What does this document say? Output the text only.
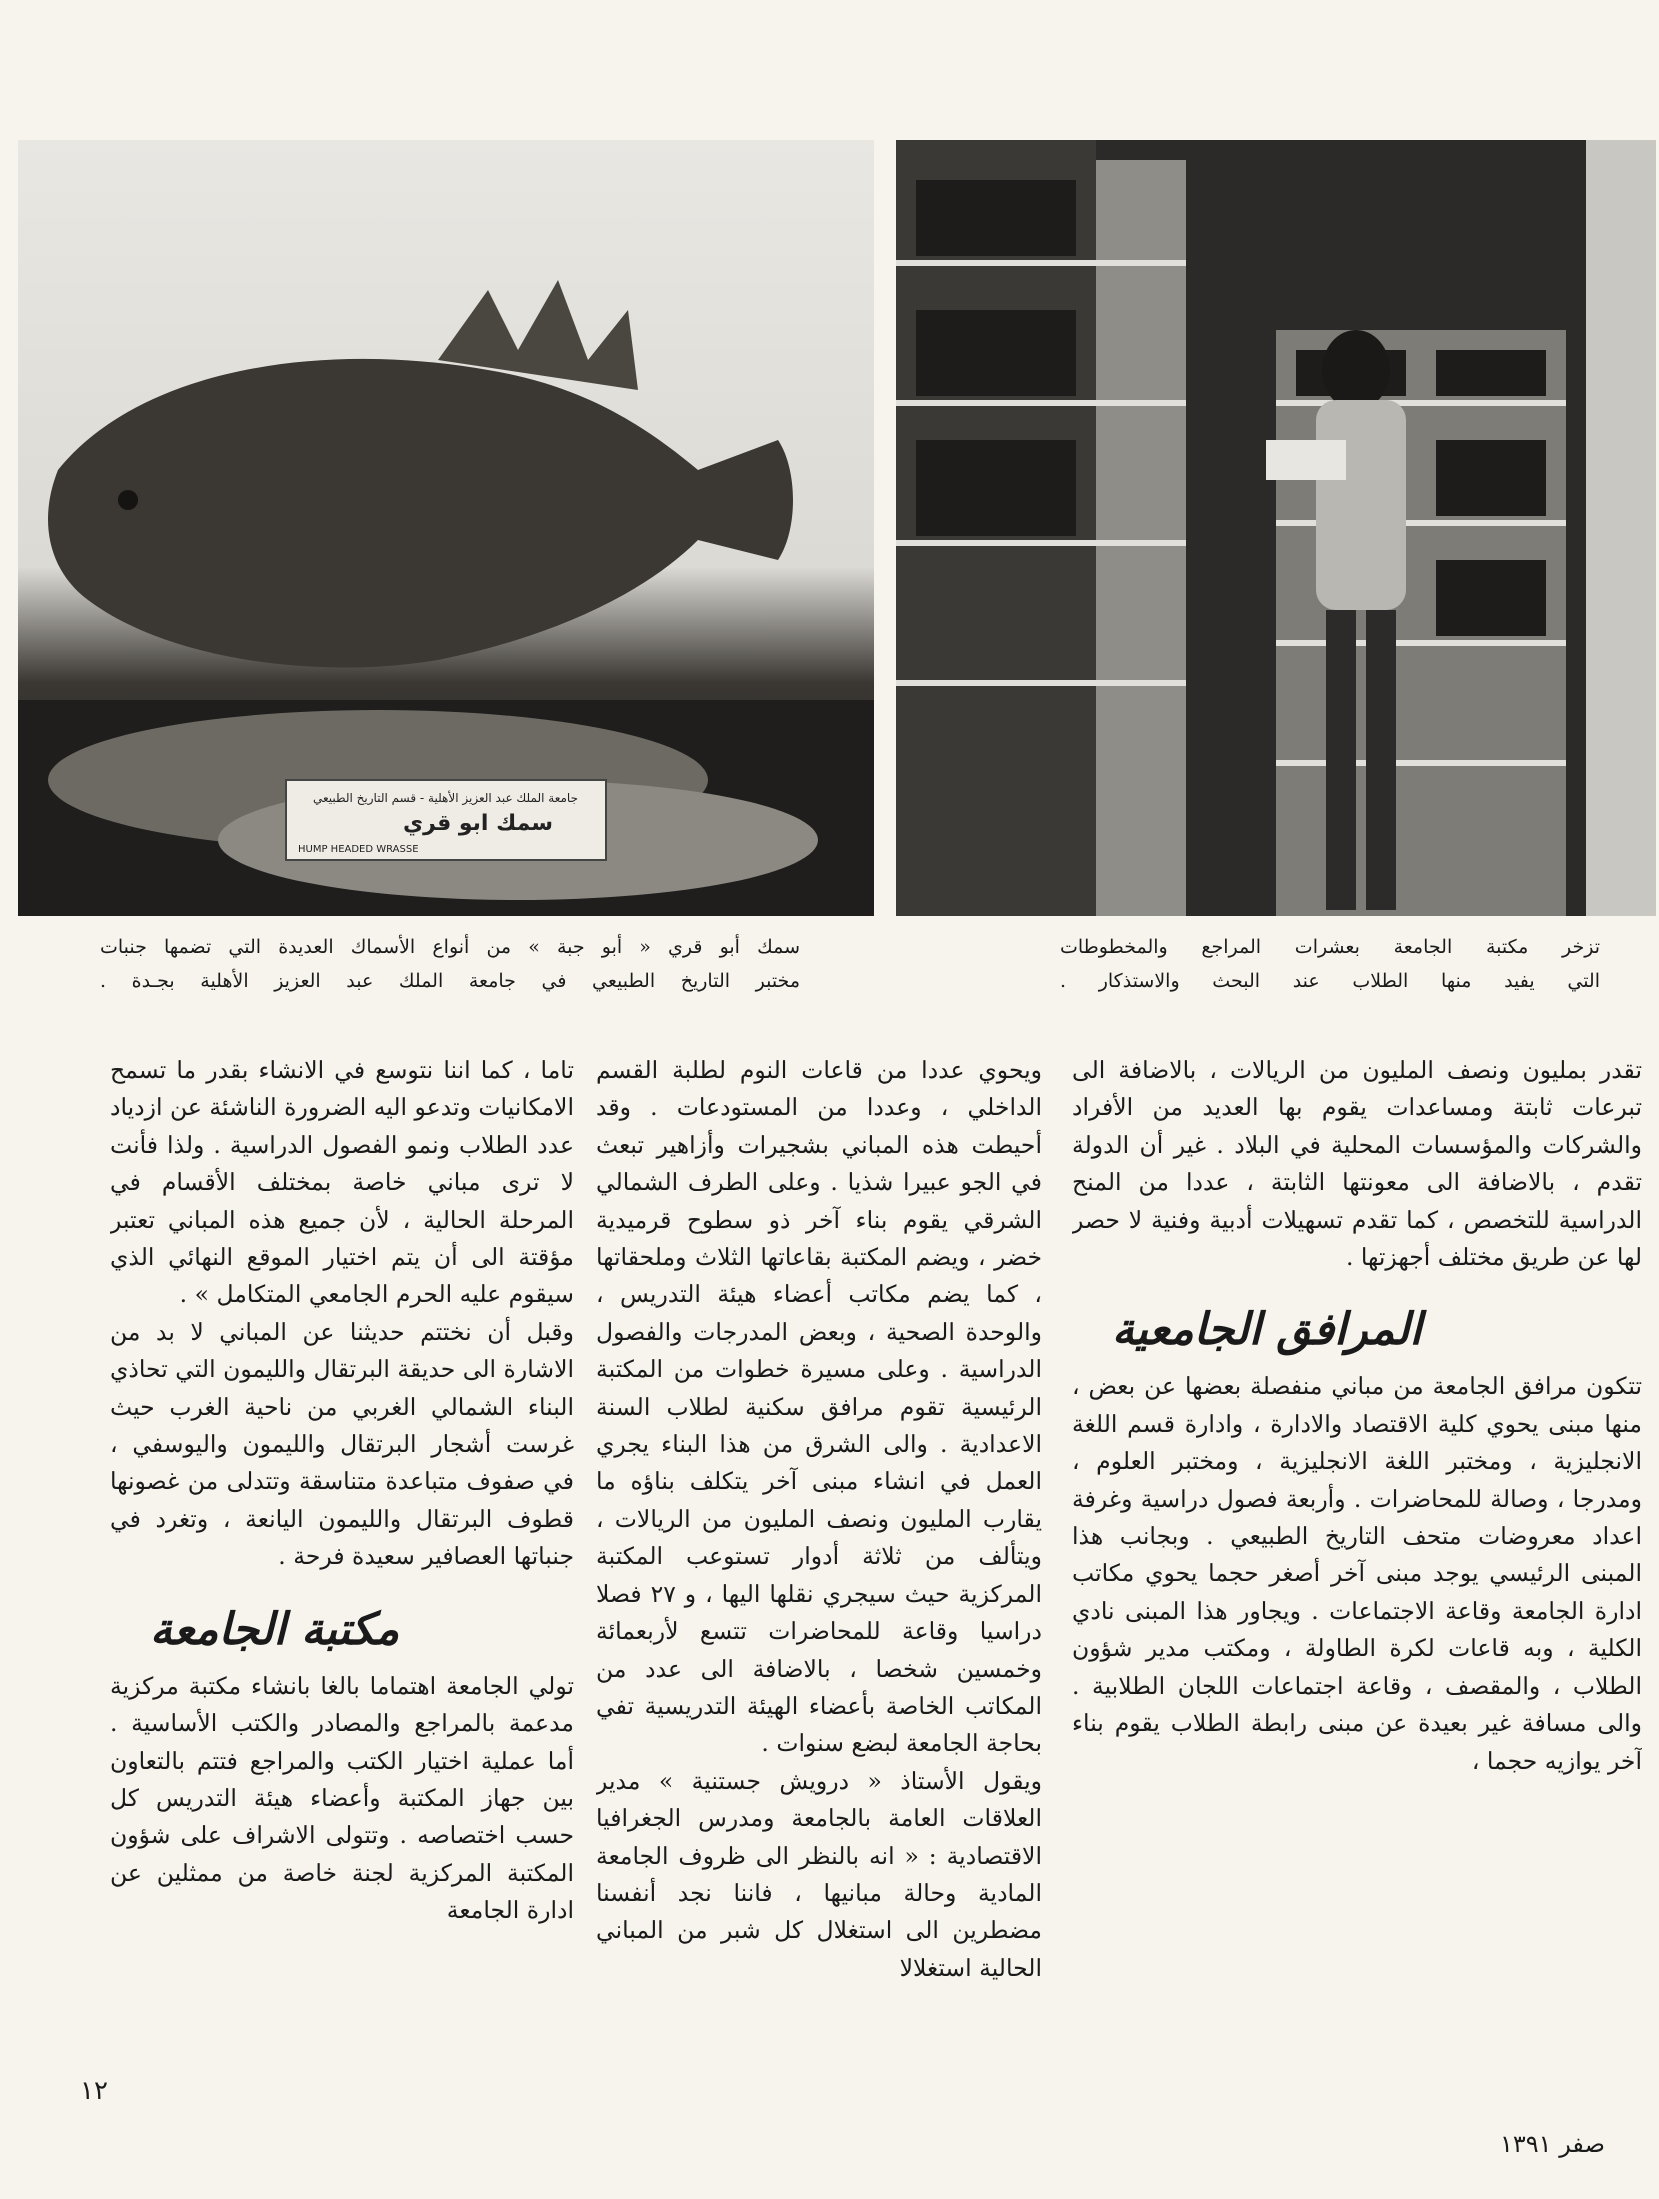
جامعة الملك عبد العزيز الأهلية - قسم التاريخ الطبيعي
سمك ابو قري
HUMP HEADED WRASSE

تزخر مكتبة الجامعة بعشرات المراجع والمخطوطات

التي يفيد منها الطلاب عند البحث والاستذكار .

سمك أبو قري « أبو جبة » من أنواع الأسماك العديدة التي تضمها جنبات

مختبر التاريخ الطبيعي في جامعة الملك عبد العزيز الأهلية بجـدة .

تقدر بمليون ونصف المليون من الريالات ، بالاضافة الى تبرعات ثابتة ومساعدات يقوم بها العديد من الأفراد والشركات والمؤسسات المحلية في البلاد . غير أن الدولة تقدم ، بالاضافة الى معونتها الثابتة ، عددا من المنح الدراسية للتخصص ، كما تقدم تسهيلات أدبية وفنية لا حصر لها عن طريق مختلف أجهزتها .

المرافق الجامعية

تتكون مرافق الجامعة من مباني منفصلة بعضها عن بعض ، منها مبنى يحوي كلية الاقتصاد والادارة ، وادارة قسم اللغة الانجليزية ، ومختبر اللغة الانجليزية ، ومختبر العلوم ، ومدرجا ، وصالة للمحاضرات . وأربعة فصول دراسية وغرفة اعداد معروضات متحف التاريخ الطبيعي . وبجانب هذا المبنى الرئيسي يوجد مبنى آخر أصغر حجما يحوي مكاتب ادارة الجامعة وقاعة الاجتماعات . ويجاور هذا المبنى نادي الكلية ، وبه قاعات لكرة الطاولة ، ومكتب مدير شؤون الطلاب ، والمقصف ، وقاعة اجتماعات اللجان الطلابية . والى مسافة غير بعيدة عن مبنى رابطة الطلاب يقوم بناء آخر يوازيه حجما ،

ويحوي عددا من قاعات النوم لطلبة القسم الداخلي ، وعددا من المستودعات . وقد أحيطت هذه المباني بشجيرات وأزاهير تبعث في الجو عبيرا شذيا . وعلى الطرف الشمالي الشرقي يقوم بناء آخر ذو سطوح قرميدية خضر ، ويضم المكتبة بقاعاتها الثلاث وملحقاتها ، كما يضم مكاتب أعضاء هيئة التدريس ، والوحدة الصحية ، وبعض المدرجات والفصول الدراسية . وعلى مسيرة خطوات من المكتبة الرئيسية تقوم مرافق سكنية لطلاب السنة الاعدادية . والى الشرق من هذا البناء يجري العمل في انشاء مبنى آخر يتكلف بناؤه ما يقارب المليون ونصف المليون من الريالات ، ويتألف من ثلاثة أدوار تستوعب المكتبة المركزية حيث سيجري نقلها اليها ، و ٢٧ فصلا دراسيا وقاعة للمحاضرات تتسع لأربعمائة وخمسين شخصا ، بالاضافة الى عدد من المكاتب الخاصة بأعضاء الهيئة التدريسية تفي بحاجة الجامعة لبضع سنوات .

ويقول الأستاذ « درويش جستنية » مدير العلاقات العامة بالجامعة ومدرس الجغرافيا الاقتصادية : « انه بالنظر الى ظروف الجامعة المادية وحالة مبانيها ، فاننا نجد أنفسنا مضطرين الى استغلال كل شبر من المباني الحالية استغلالا

تاما ، كما اننا نتوسع في الانشاء بقدر ما تسمح الامكانيات وتدعو اليه الضرورة الناشئة عن ازدياد عدد الطلاب ونمو الفصول الدراسية . ولذا فأنت لا ترى مباني خاصة بمختلف الأقسام في المرحلة الحالية ، لأن جميع هذه المباني تعتبر مؤقتة الى أن يتم اختيار الموقع النهائي الذي سيقوم عليه الحرم الجامعي المتكامل » .

وقبل أن نختتم حديثنا عن المباني لا بد من الاشارة الى حديقة البرتقال والليمون التي تحاذي البناء الشمالي الغربي من ناحية الغرب حيث غرست أشجار البرتقال والليمون واليوسفي ، في صفوف متباعدة متناسقة وتتدلى من غصونها قطوف البرتقال والليمون اليانعة ، وتغرد في جنباتها العصافير سعيدة فرحة .

مكتبة الجامعة

تولي الجامعة اهتماما بالغا بانشاء مكتبة مركزية مدعمة بالمراجع والمصادر والكتب الأساسية . أما عملية اختيار الكتب والمراجع فتتم بالتعاون بين جهاز المكتبة وأعضاء هيئة التدريس كل حسب اختصاصه . وتتولى الاشراف على شؤون المكتبة المركزية لجنة خاصة من ممثلين عن ادارة الجامعة

١٢
صفر ١٣٩١
